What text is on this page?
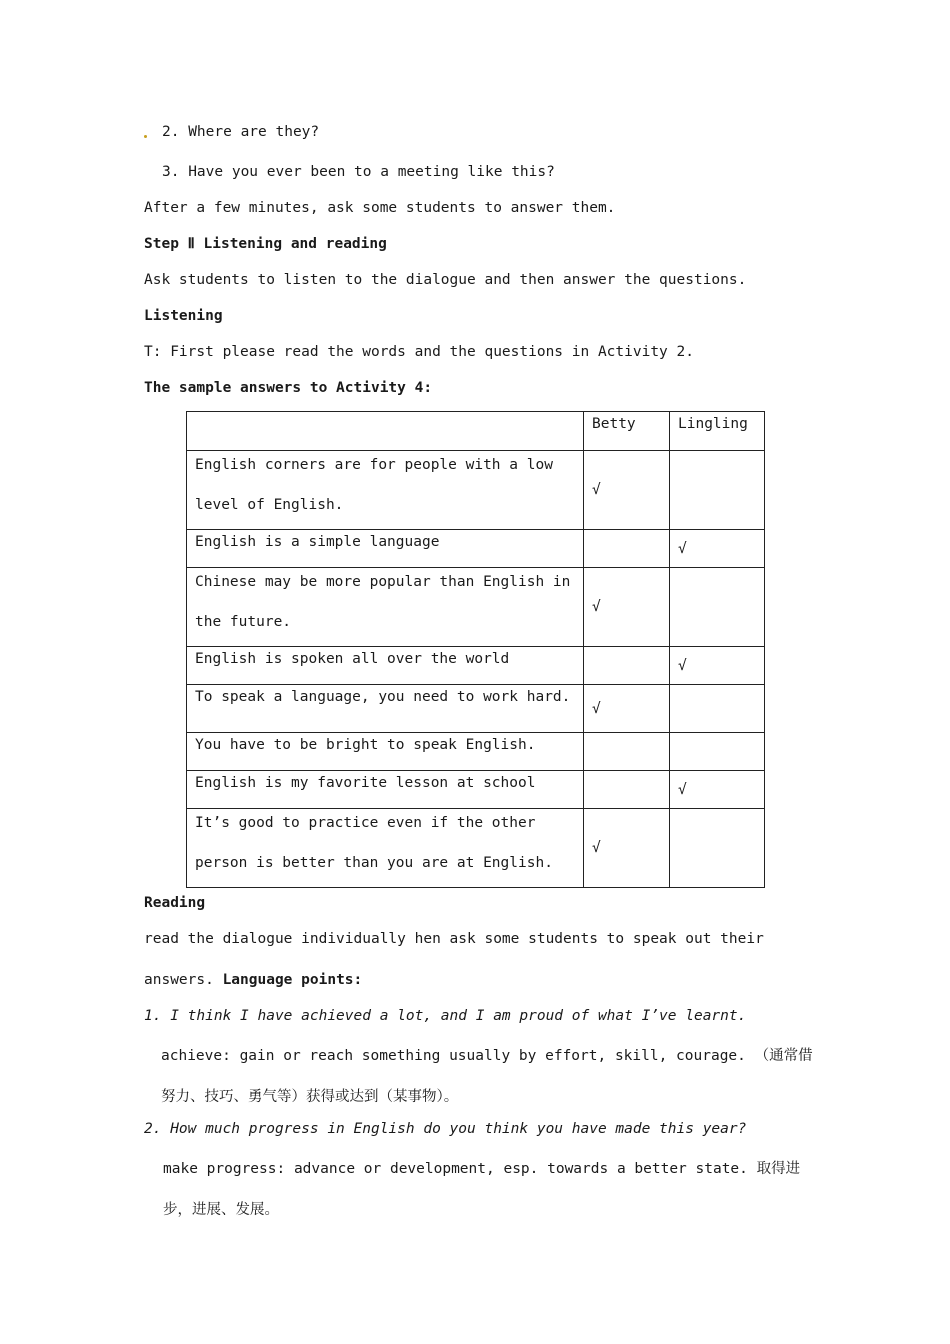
2. Where are they?
3. Have you ever been to a meeting like this?
After a few minutes, ask some students to answer them.
Step Ⅱ Listening and reading
Ask students to listen to the dialogue and then answer the questions.
Listening
T: First please read the words and the questions in Activity 2.
The sample answers to Activity 4:
	Betty	Lingling

English corners are for people with a low
level of English.	√	

English is a simple language		√

Chinese may be more popular than English in
the future.	√	

English is spoken all over the world		√

To speak a language, you need to work hard.	√	

You have to be bright to speak English.		

English is my favorite lesson at school		√

It’s good to practice even if the other
person is better than you are at English.	√	
Reading
read the dialogue individually hen ask some students to speak out their
answers. Language points:
1. I think I have achieved a lot, and I am proud of what I’ve learnt.
achieve: gain or reach something usually by effort, skill, courage. （通常借
努力、技巧、勇气等）获得或达到（某事物）。
2. How much progress in English do you think you have made this year?
make progress: advance or development, esp. towards a better state. 取得进
步，进展、发展。
